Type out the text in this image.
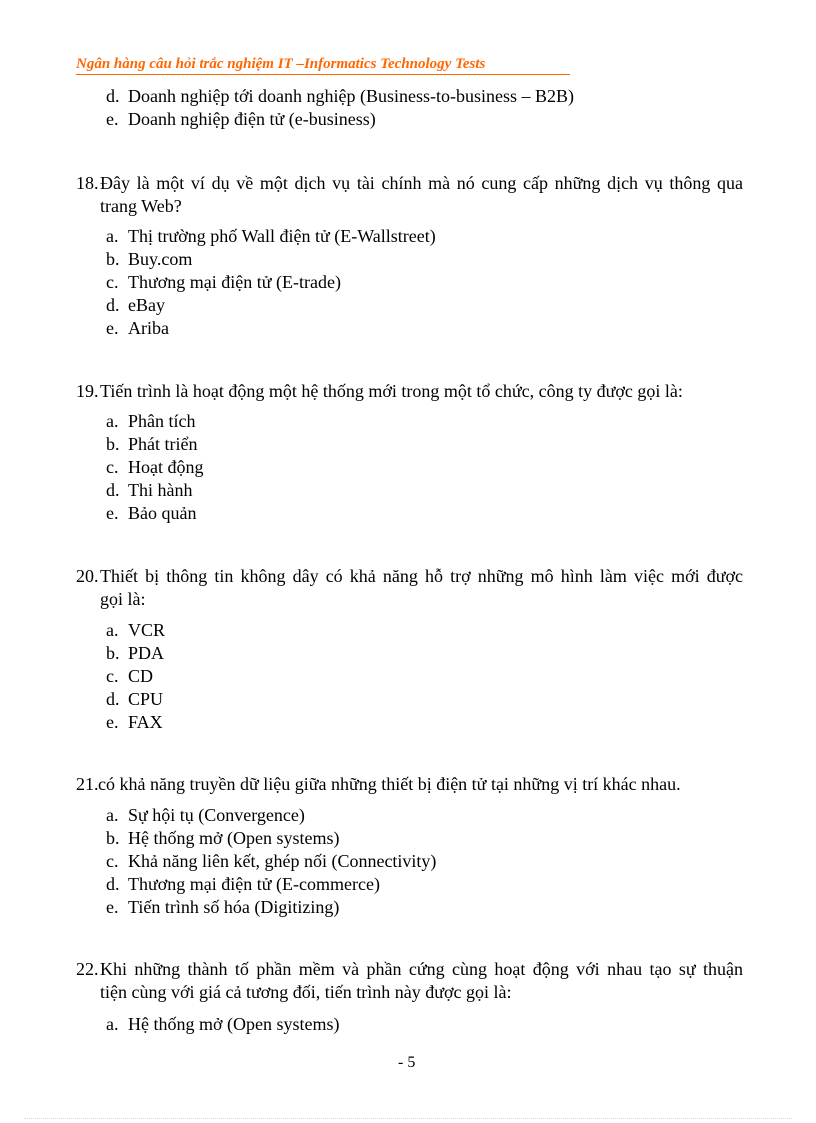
Ngân hàng câu hỏi trắc nghiệm IT –Informatics Technology Tests
d. Doanh nghiệp tới doanh nghiệp (Business-to-business – B2B)
e. Doanh nghiệp điện tử (e-business)
18. Đây là một ví dụ về một dịch vụ tài chính mà nó cung cấp những dịch vụ thông qua
trang Web?
a. Thị trường phố Wall điện tử (E-Wallstreet)
b. Buy.com
c. Thương mại điện tử (E-trade)
d. eBay
e. Ariba
19. Tiến trình là hoạt động một hệ thống mới trong một tổ chức, công ty được gọi là:
a. Phân tích
b. Phát triển
c. Hoạt động
d. Thi hành
e. Bảo quản
20. Thiết bị thông tin không dây có khả năng hỗ trợ những mô hình làm việc mới được
gọi là:
a. VCR
b. PDA
c. CD
d. CPU
e. FAX
21. có khả năng truyền dữ liệu giữa những thiết bị điện tử tại những vị trí khác nhau.
a. Sự hội tụ (Convergence)
b. Hệ thống mở (Open systems)
c. Khả năng liên kết, ghép nối (Connectivity)
d. Thương mại điện tử (E-commerce)
e. Tiến trình số hóa (Digitizing)
22. Khi những thành tố phần mềm và phần cứng cùng hoạt động với nhau tạo sự thuận
tiện cùng với giá cả tương đối, tiến trình này được gọi là:
a. Hệ thống mở (Open systems)
- 5
